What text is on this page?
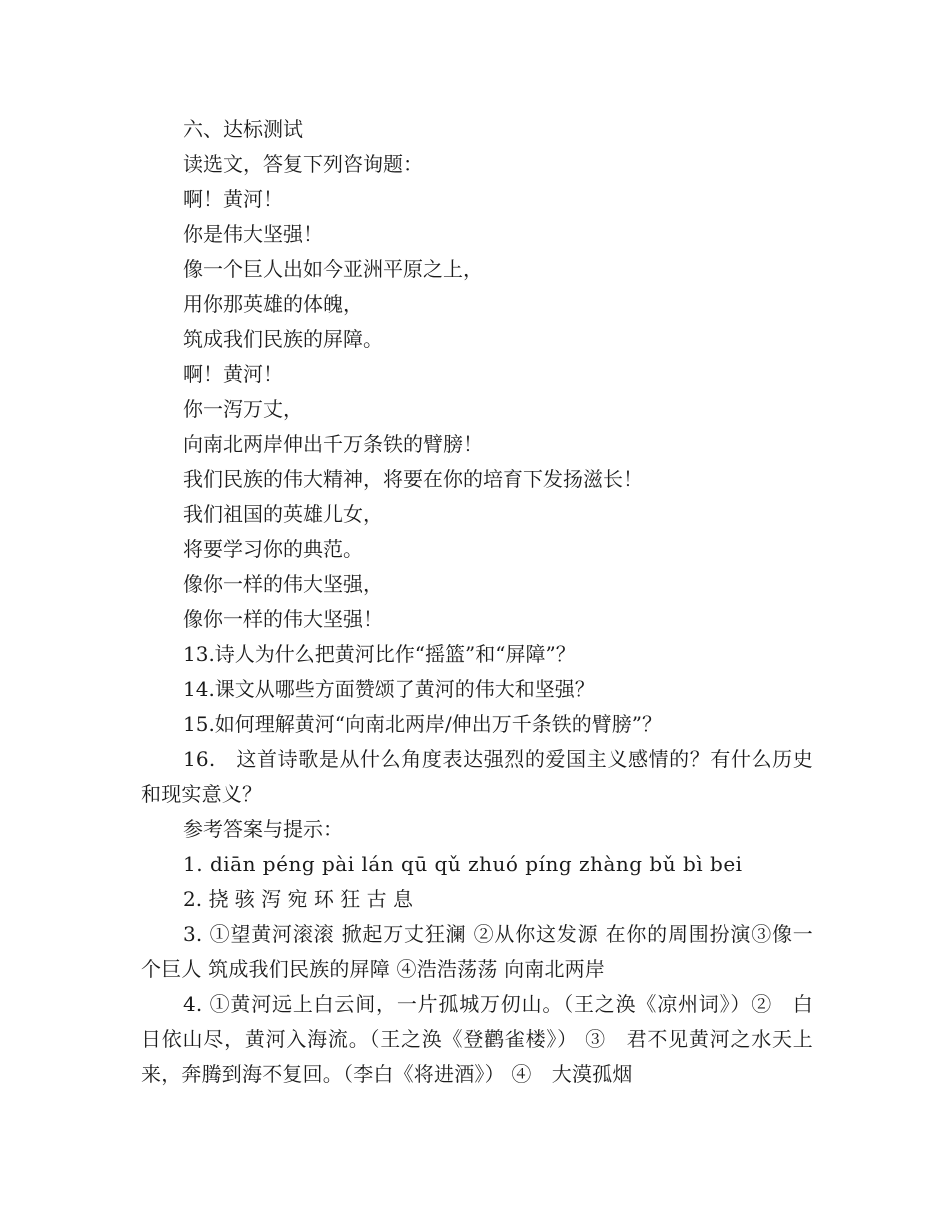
六、达标测试

读选文，答复下列咨询题：

啊！黄河！

你是伟大坚强！

像一个巨人出如今亚洲平原之上，

用你那英雄的体魄，

筑成我们民族的屏障。

啊！黄河！

你一泻万丈，

向南北两岸伸出千万条铁的臂膀！

我们民族的伟大精神，将要在你的培育下发扬滋长！

我们祖国的英雄儿女，

将要学习你的典范。

像你一样的伟大坚强，

像你一样的伟大坚强！

13.诗人为什么把黄河比作“摇篮”和“屏障”？

14.课文从哪些方面赞颂了黄河的伟大和坚强？

15.如何理解黄河“向南北两岸/伸出万千条铁的臂膀”？

16.　这首诗歌是从什么角度表达强烈的爱国主义感情的？有什么历史和现实意义？

参考答案与提示：

1. diān péng pài lán qū qǔ zhuó píng zhàng bǔ bì bei

2. 挠 骇 泻 宛 环 狂 古 息

3. ①望黄河滚滚 掀起万丈狂澜 ②从你这发源 在你的周围扮演③像一个巨人 筑成我们民族的屏障 ④浩浩荡荡 向南北两岸

4. ①黄河远上白云间，一片孤城万仞山。（王之涣《凉州词》）②　白日依山尽，黄河入海流。（王之涣《登鹳雀楼》） ③　君不见黄河之水天上来，奔腾到海不复回。（李白《将进酒》） ④　大漠孤烟
